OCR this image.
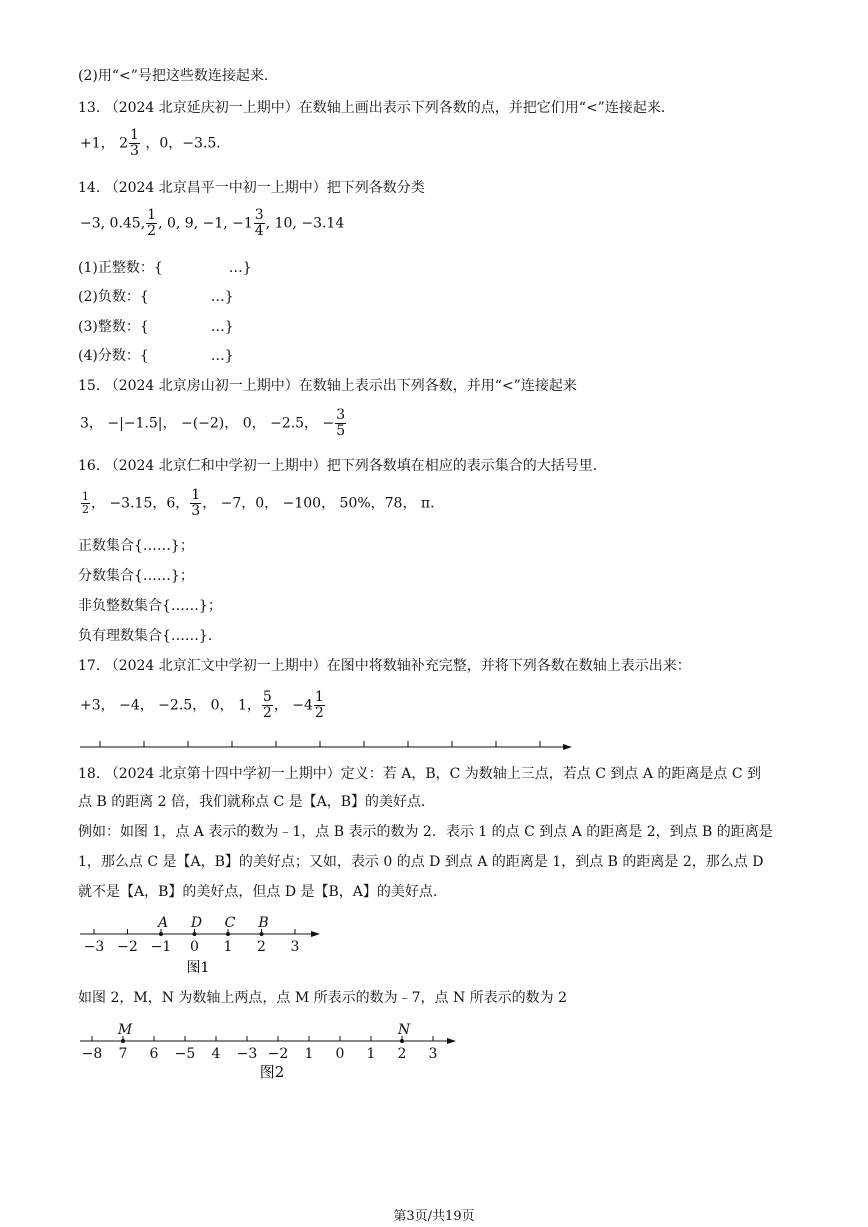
(2)用“<”号把这些数连接起来.
13. （2024 北京延庆初一上期中）在数轴上画出表示下列各数的点，并把它们用“<”连接起来.
+1， $2 \frac{1}{3}$ ，0，−3.5．
14. （2024 北京昌平一中初一上期中）把下列各数分类
−3, 0.45, $\frac{1}{2}$ , 0, 9, −1, $-1 \frac{3}{4}$ , 10, −3.14
(1)正整数：{	…}
(2)负数：{	…}
(3)整数：{	…}
(4)分数：{	…}
15. （2024 北京房山初一上期中）在数轴上表示出下列各数，并用“<”连接起来
3， −|−1.5|， −(−2)， 0， −2.5， − $\frac{3}{5}$
16. （2024 北京仁和中学初一上期中）把下列各数填在相应的表示集合的大括号里.
$\frac{1}{2}$ ， −3.15，6， $\frac{1}{3}$ ， −7，0， −100， 50%，78， π.
正数集合{……}；
分数集合{……}；
非负整数集合{……}；
负有理数集合{……}.
17. （2024 北京汇文中学初一上期中）在图中将数轴补充完整，并将下列各数在数轴上表示出来：
+3， −4， −2.5， 0， 1， $\frac{5}{2}$ ， $-4 \frac{1}{2}$
18. （2024 北京第十四中学初一上期中）定义：若 A，B，C 为数轴上三点，若点 C 到点 A 的距离是点 C 到
点 B 的距离 2 倍，我们就称点 C 是【A，B】的美好点.
例如：如图 1，点 A 表示的数为﹣1，点 B 表示的数为 2．表示 1 的点 C 到点 A 的距离是 2，到点 B 的距离是
1，那么点 C 是【A，B】的美好点；又如，表示 0 的点 D 到点 A 的距离是 1，到点 B 的距离是 2，那么点 D
就不是【A，B】的美好点，但点 D 是【B，A】的美好点.
−3 −2 −1 0 1 2 3
A D C B
图1
如图 2，M，N 为数轴上两点，点 M 所表示的数为﹣7，点 N 所表示的数为 2
−8 7 6 −5 4 −3 −2 1 0 1 2 3
M	N
图2
第3页/共19页
